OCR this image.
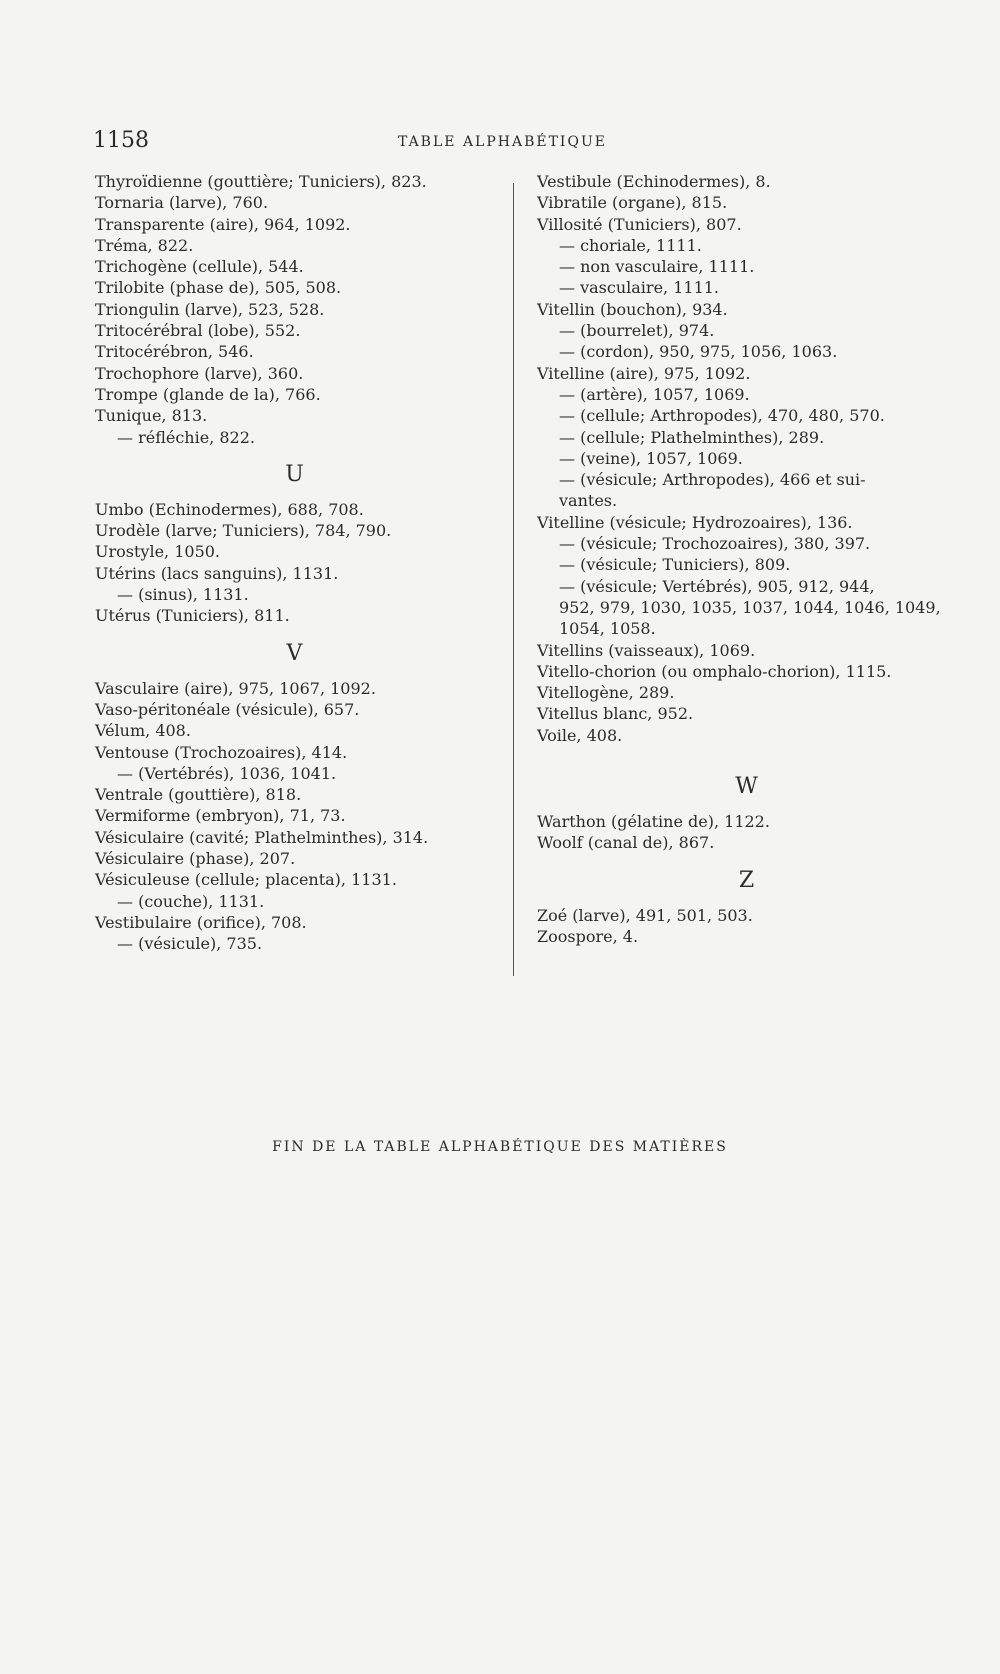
1158	TABLE ALPHABÉTIQUE
Thyroïdienne (gouttière; Tuniciers), 823.
Tornaria (larve), 760.
Transparente (aire), 964, 1092.
Tréma, 822.
Trichogène (cellule), 544.
Trilobite (phase de), 505, 508.
Triongulin (larve), 523, 528.
Tritocérébral (lobe), 552.
Tritocérébron, 546.
Trochophore (larve), 360.
Trompe (glande de la), 766.
Tunique, 813.
— réfléchie, 822.
U
Umbo (Echinodermes), 688, 708.
Urodèle (larve; Tuniciers), 784, 790.
Urostyle, 1050.
Utérins (lacs sanguins), 1131.
— (sinus), 1131.
Utérus (Tuniciers), 811.
V
Vasculaire (aire), 975, 1067, 1092.
Vaso-péritonéale (vésicule), 657.
Vélum, 408.
Ventouse (Trochozoaires), 414.
— (Vertébrés), 1036, 1041.
Ventrale (gouttière), 818.
Vermiforme (embryon), 71, 73.
Vésiculaire (cavité; Plathelminthes), 314.
Vésiculaire (phase), 207.
Vésiculeuse (cellule; placenta), 1131.
— (couche), 1131.
Vestibulaire (orifice), 708.
— (vésicule), 735.
Vestibule (Echinodermes), 8.
Vibratile (organe), 815.
Villosité (Tuniciers), 807.
— choriale, 1111.
— non vasculaire, 1111.
— vasculaire, 1111.
Vitellin (bouchon), 934.
— (bourrelet), 974.
— (cordon), 950, 975, 1056, 1063.
Vitelline (aire), 975, 1092.
— (artère), 1057, 1069.
— (cellule; Arthropodes), 470, 480, 570.
— (cellule; Plathelminthes), 289.
— (veine), 1057, 1069.
— (vésicule; Arthropodes), 466 et sui-
vantes.
Vitelline (vésicule; Hydrozoaires), 136.
— (vésicule; Trochozoaires), 380, 397.
— (vésicule; Tuniciers), 809.
— (vésicule; Vertébrés), 905, 912, 944,
952, 979, 1030, 1035, 1037, 1044, 1046, 1049,
1054, 1058.
Vitellins (vaisseaux), 1069.
Vitello-chorion (ou omphalo-chorion), 1115.
Vitellogène, 289.
Vitellus blanc, 952.
Voile, 408.
W
Warthon (gélatine de), 1122.
Woolf (canal de), 867.
Z
Zoé (larve), 491, 501, 503.
Zoospore, 4.
FIN DE LA TABLE ALPHABÉTIQUE DES MATIÈRES
